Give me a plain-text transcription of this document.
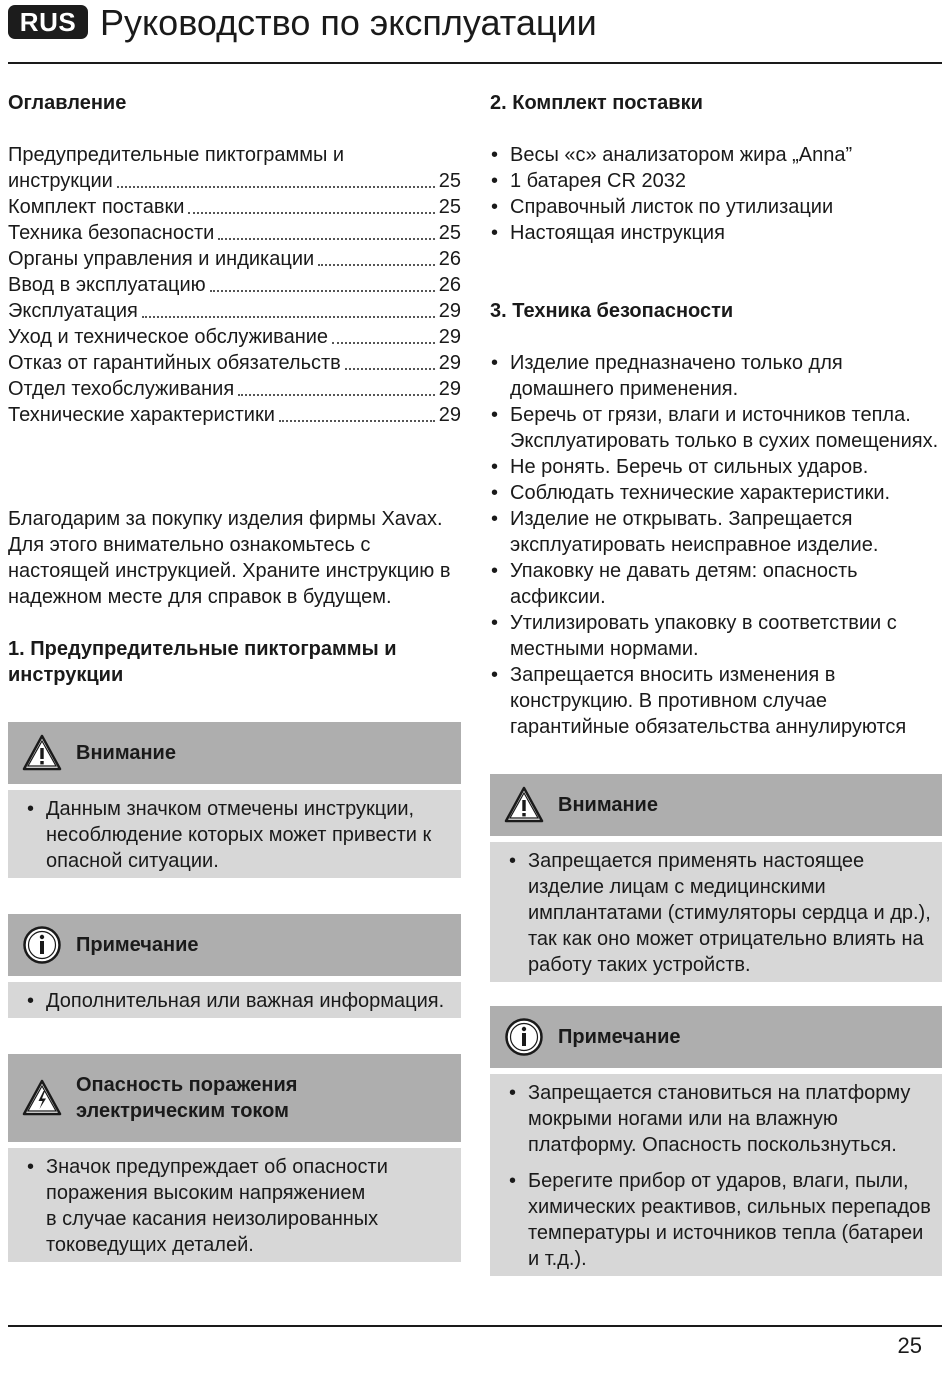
RUS Руководство по эксплуатации
Оглавление
Предупредительные пиктограммы и
инструкции	25
Комплект поставки	25
Техника безопасности	25
Органы управления и индикации	26
Ввод в эксплуатацию	26
Эксплуатация	29
Уход и техническое обслуживание	29
Отказ от гарантийных обязательств	29
Отдел техобслуживания	29
Технические характеристики	29
Благодарим за покупку изделия фирмы Xavax.
Для этого внимательно ознакомьтесь с
настоящей инструкцией. Храните инструкцию в
надежном месте для справок в будущем.
1. Предупредительные пиктограммы и
инструкции
Внимание
• Данным значком отмечены инструкции,
несоблюдение которых может привести к
опасной ситуации.
Примечание
• Дополнительная или важная информация.
Опасность поражения
электрическим током
• Значок предупреждает об опасности
поражения высоким напряжением
в случае касания неизолированных
токоведущих деталей.
2. Комплект поставки
• Весы «с» анализатором жира „Anna”
• 1 батарея CR 2032
• Справочный листок по утилизации
• Настоящая инструкция
3. Техника безопасности
• Изделие предназначено только для
домашнего применения.
• Беречь от грязи, влаги и источников тепла.
Эксплуатировать только в сухих помещениях.
• Не ронять. Беречь от сильных ударов.
• Соблюдать технические характеристики.
• Изделие не открывать. Запрещается
эксплуатировать неисправное изделие.
• Упаковку не давать детям: опасность
асфиксии.
• Утилизировать упаковку в соответствии с
местными нормами.
• Запрещается вносить изменения в
конструкцию. В противном случае
гарантийные обязательства аннулируются
Внимание
• Запрещается применять настоящее
изделие лицам с медицинскими
имплантатами (стимуляторы сердца и др.),
так как оно может отрицательно влиять на
работу таких устройств.
Примечание
• Запрещается становиться на платформу
мокрыми ногами или на влажную
платформу. Опасность поскользнуться.
• Берегите прибор от ударов, влаги, пыли,
химических реактивов, сильных перепадов
температуры и источников тепла (батареи
и т.д.).
25
